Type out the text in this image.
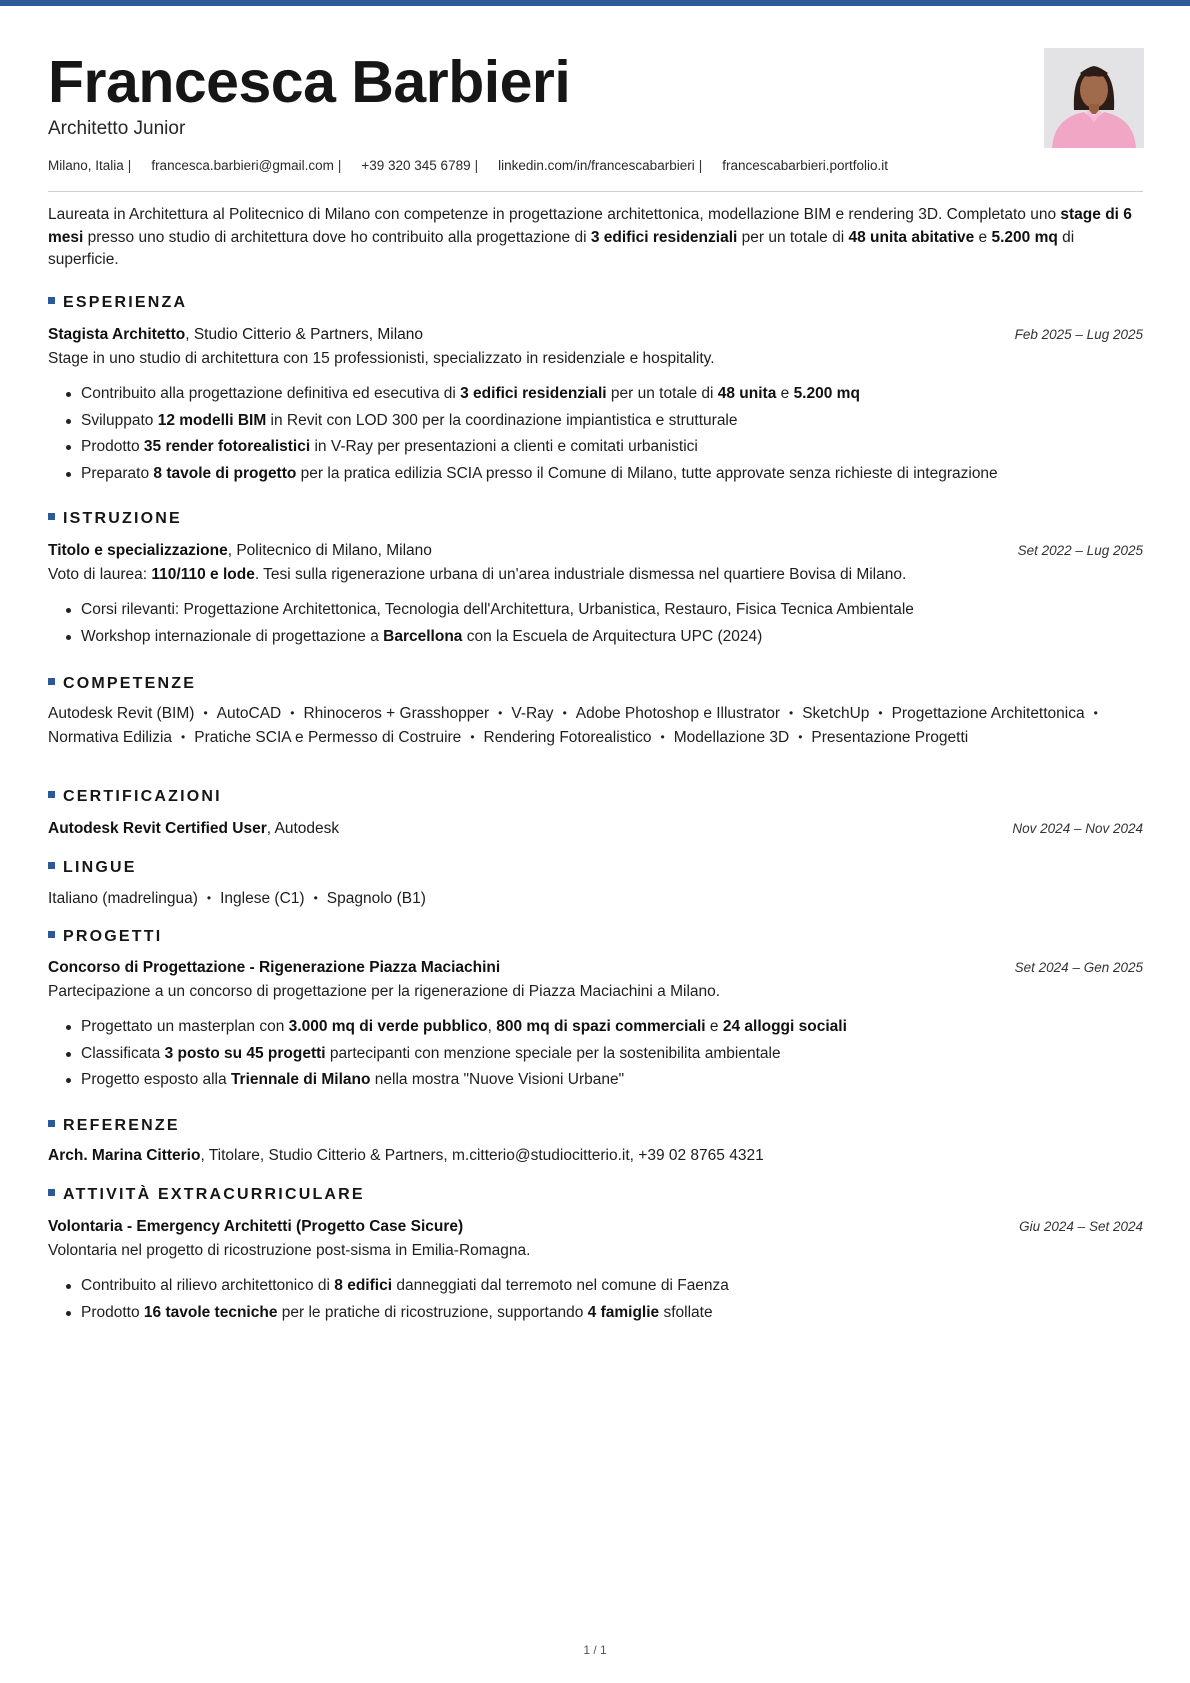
Francesca Barbieri
Architetto Junior
Milano, Italia | francesca.barbieri@gmail.com | +39 320 345 6789 | linkedin.com/in/francescabarbieri | francescabarbieri.portfolio.it
Laureata in Architettura al Politecnico di Milano con competenze in progettazione architettonica, modellazione BIM e rendering 3D. Completato uno stage di 6 mesi presso uno studio di architettura dove ho contribuito alla progettazione di 3 edifici residenziali per un totale di 48 unita abitative e 5.200 mq di superficie.
ESPERIENZA
Stagista Architetto, Studio Citterio & Partners, Milano	Feb 2025 – Lug 2025
Stage in uno studio di architettura con 15 professionisti, specializzato in residenziale e hospitality.
Contribuito alla progettazione definitiva ed esecutiva di 3 edifici residenziali per un totale di 48 unita e 5.200 mq
Sviluppato 12 modelli BIM in Revit con LOD 300 per la coordinazione impiantistica e strutturale
Prodotto 35 render fotorealistici in V-Ray per presentazioni a clienti e comitati urbanistici
Preparato 8 tavole di progetto per la pratica edilizia SCIA presso il Comune di Milano, tutte approvate senza richieste di integrazione
ISTRUZIONE
Titolo e specializzazione, Politecnico di Milano, Milano	Set 2022 – Lug 2025
Voto di laurea: 110/110 e lode. Tesi sulla rigenerazione urbana di un'area industriale dismessa nel quartiere Bovisa di Milano.
Corsi rilevanti: Progettazione Architettonica, Tecnologia dell'Architettura, Urbanistica, Restauro, Fisica Tecnica Ambientale
Workshop internazionale di progettazione a Barcellona con la Escuela de Arquitectura UPC (2024)
COMPETENZE
Autodesk Revit (BIM) • AutoCAD • Rhinoceros + Grasshopper • V-Ray • Adobe Photoshop e Illustrator • SketchUp • Progettazione Architettonica •Normativa Edilizia • Pratiche SCIA e Permesso di Costruire • Rendering Fotorealistico • Modellazione 3D • Presentazione Progetti
CERTIFICAZIONI
Autodesk Revit Certified User, Autodesk	Nov 2024 – Nov 2024
LINGUE
Italiano (madrelingua) • Inglese (C1) • Spagnolo (B1)
PROGETTI
Concorso di Progettazione - Rigenerazione Piazza Maciachini	Set 2024 – Gen 2025
Partecipazione a un concorso di progettazione per la rigenerazione di Piazza Maciachini a Milano.
Progettato un masterplan con 3.000 mq di verde pubblico, 800 mq di spazi commerciali e 24 alloggi sociali
Classificata 3 posto su 45 progetti partecipanti con menzione speciale per la sostenibilita ambientale
Progetto esposto alla Triennale di Milano nella mostra "Nuove Visioni Urbane"
REFERENZE
Arch. Marina Citterio, Titolare, Studio Citterio & Partners, m.citterio@studiocitterio.it, +39 02 8765 4321
ATTIVITÀ EXTRACURRICULARE
Volontaria - Emergency Architetti (Progetto Case Sicure)	Giu 2024 – Set 2024
Volontaria nel progetto di ricostruzione post-sisma in Emilia-Romagna.
Contribuito al rilievo architettonico di 8 edifici danneggiati dal terremoto nel comune di Faenza
Prodotto 16 tavole tecniche per le pratiche di ricostruzione, supportando 4 famiglie sfollate
1 / 1
